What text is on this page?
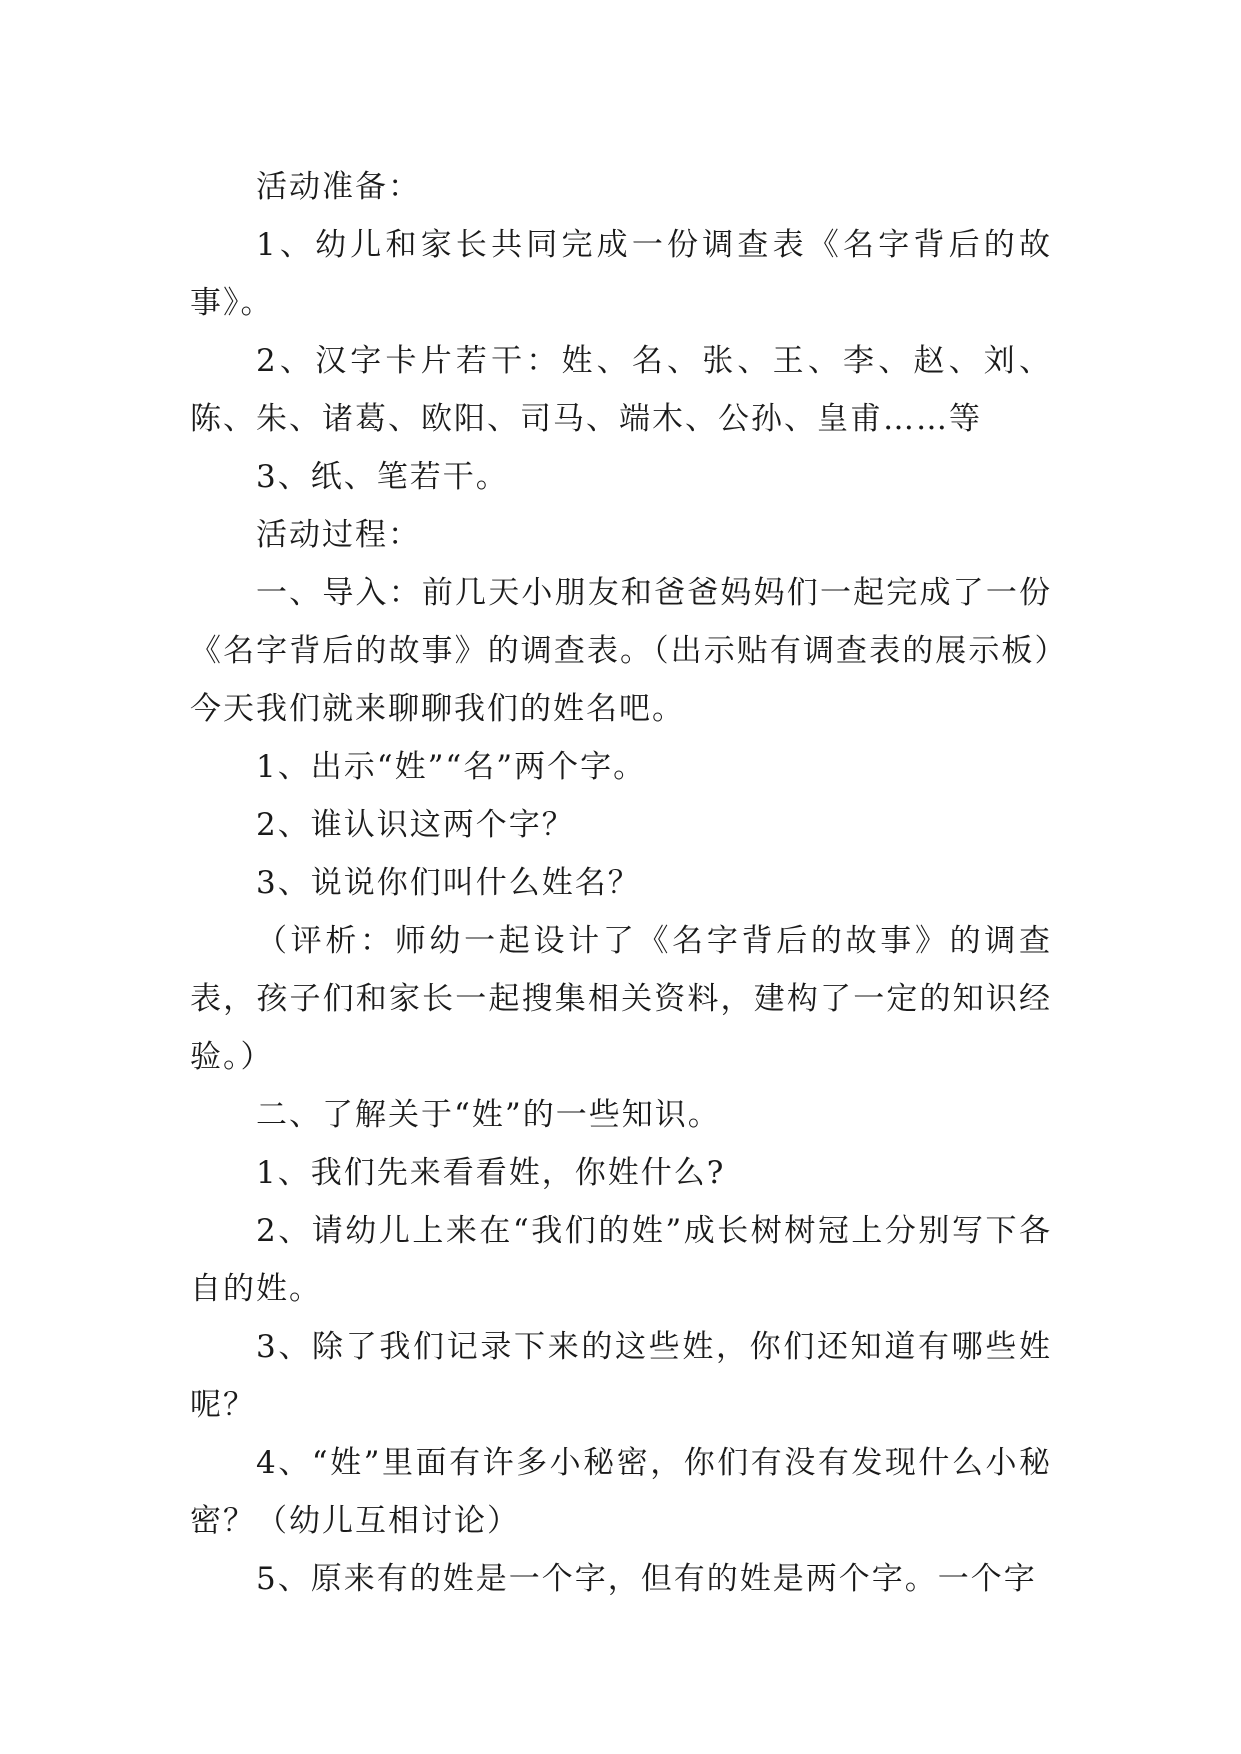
活动准备：

1、幼儿和家长共同完成一份调查表《名字背后的故事》。

2、汉字卡片若干：姓、名、张、王、李、赵、刘、陈、朱、诸葛、欧阳、司马、端木、公孙、皇甫……等

3、纸、笔若干。

活动过程：

一、导入：前几天小朋友和爸爸妈妈们一起完成了一份《名字背后的故事》的调查表。（出示贴有调查表的展示板）今天我们就来聊聊我们的姓名吧。

1、出示“姓”“名”两个字。

2、谁认识这两个字？

3、说说你们叫什么姓名？

（评析：师幼一起设计了《名字背后的故事》的调查表，孩子们和家长一起搜集相关资料，建构了一定的知识经验。）

二、了解关于“姓”的一些知识。

1、我们先来看看姓，你姓什么?

2、请幼儿上来在“我们的姓”成长树树冠上分别写下各自的姓。

3、除了我们记录下来的这些姓，你们还知道有哪些姓呢？

4、“姓”里面有许多小秘密，你们有没有发现什么小秘密？（幼儿互相讨论）

5、原来有的姓是一个字，但有的姓是两个字。一个字
